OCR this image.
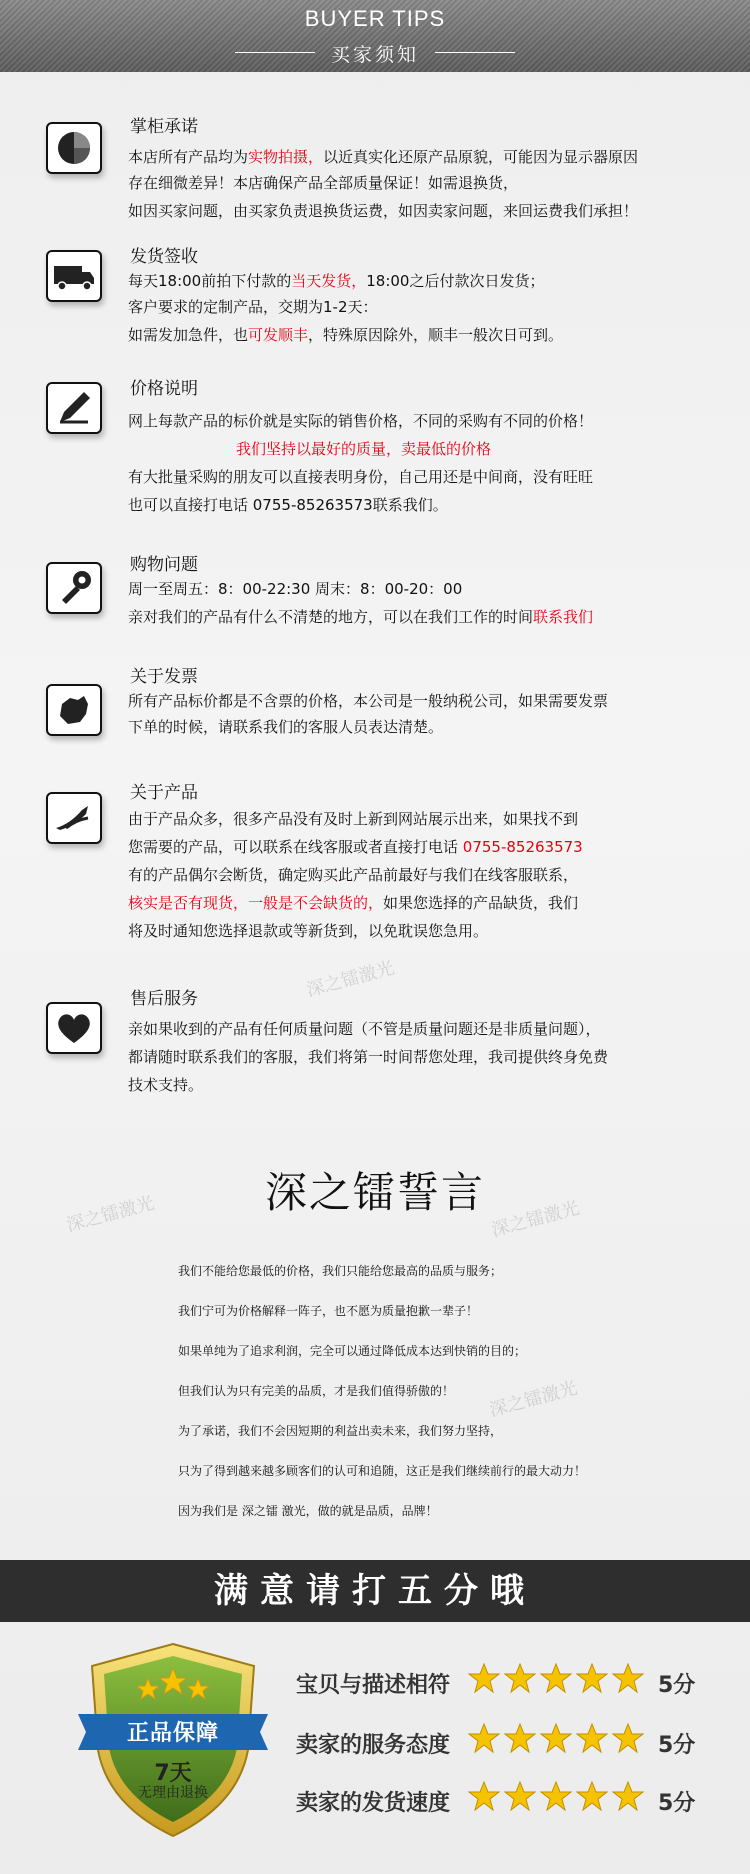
BUYER TIPS
买家须知
掌柜承诺
本店所有产品均为实物拍摄，以近真实化还原产品原貌，可能因为显示器原因
存在细微差异！本店确保产品全部质量保证！如需退换货，
如因买家问题，由买家负责退换货运费，如因卖家问题，来回运费我们承担！
发货签收
每天18:00前拍下付款的当天发货，18:00之后付款次日发货；
客户要求的定制产品，交期为1-2天：
如需发加急件，也可发顺丰，特殊原因除外，顺丰一般次日可到。
价格说明
网上每款产品的标价就是实际的销售价格，不同的采购有不同的价格！
有大批量采购的朋友可以直接表明身份，自己用还是中间商，没有旺旺
也可以直接打电话 0755-85263573联系我们。
我们坚持以最好的质量，卖最低的价格
购物问题
周一至周五：8：00-22:30 周末：8：00-20：00
亲对我们的产品有什么不清楚的地方，可以在我们工作的时间联系我们
关于发票
所有产品标价都是不含票的价格，本公司是一般纳税公司，如果需要发票
下单的时候，请联系我们的客服人员表达清楚。
关于产品
由于产品众多，很多产品没有及时上新到网站展示出来，如果找不到
您需要的产品，可以联系在线客服或者直接打电话 0755-85263573
有的产品偶尔会断货，确定购买此产品前最好与我们在线客服联系，
核实是否有现货，一般是不会缺货的，如果您选择的产品缺货，我们
将及时通知您选择退款或等新货到，以免耽误您急用。
售后服务
亲如果收到的产品有任何质量问题（不管是质量问题还是非质量问题），
都请随时联系我们的客服，我们将第一时间帮您处理，我司提供终身免费
技术支持。
深之镭激光
深之镭激光	深之镭激光
深之镭激光
深之镭誓言
我们不能给您最低的价格，我们只能给您最高的品质与服务；
我们宁可为价格解释一阵子，也不愿为质量抱歉一辈子！
如果单纯为了追求利润，完全可以通过降低成本达到快销的目的；
但我们认为只有完美的品质，才是我们值得骄傲的！
为了承诺，我们不会因短期的利益出卖未来，我们努力坚持，
只为了得到越来越多顾客们的认可和追随，这正是我们继续前行的最大动力！
因为我们是 深之镭 激光，做的就是品质，品牌！
满意请打五分哦
正品保障
7天
无理由退换
宝贝与描述相符	5分
卖家的服务态度	5分
卖家的发货速度	5分
